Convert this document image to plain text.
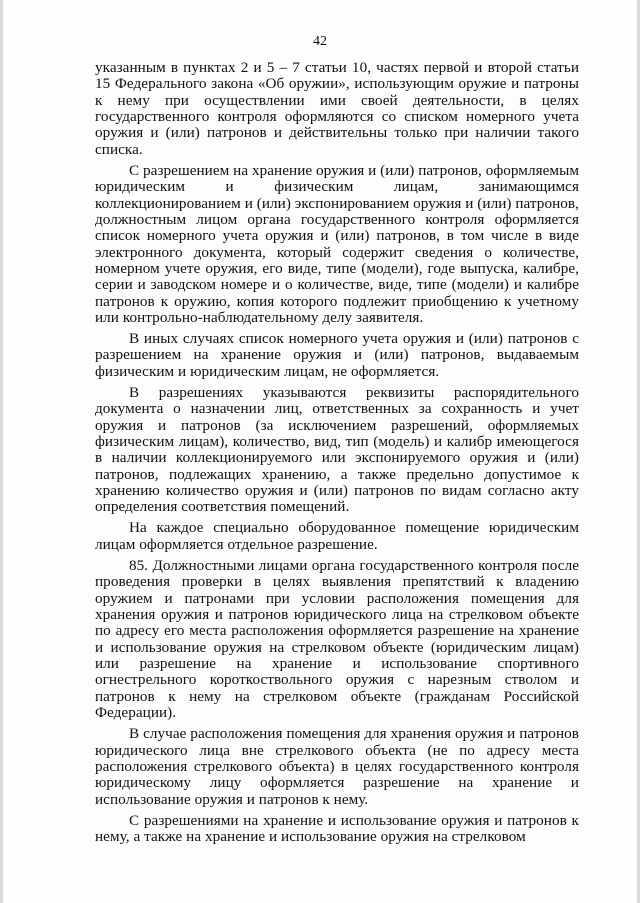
42

указанным в пунктах 2 и 5 – 7 статьи 10, частях первой и второй статьи 15 Федерального закона «Об оружии», использующим оружие и патроны к нему при осуществлении ими своей деятельности, в целях государственного контроля оформляются со списком номерного учета оружия и (или) патронов и действительны только при наличии такого списка.

С разрешением на хранение оружия и (или) патронов, оформляемым юридическим и физическим лицам, занимающимся коллекционированием и (или) экспонированием оружия и (или) патронов, должностным лицом органа государственного контроля оформляется список номерного учета оружия и (или) патронов, в том числе в виде электронного документа, который содержит сведения о количестве, номерном учете оружия, его виде, типе (модели), годе выпуска, калибре, серии и заводском номере и о количестве, виде, типе (модели) и калибре патронов к оружию, копия которого подлежит приобщению к учетному или контрольно-наблюдательному делу заявителя.

В иных случаях список номерного учета оружия и (или) патронов с разрешением на хранение оружия и (или) патронов, выдаваемым физическим и юридическим лицам, не оформляется.

В разрешениях указываются реквизиты распорядительного документа о назначении лиц, ответственных за сохранность и учет оружия и патронов (за исключением разрешений, оформляемых физическим лицам), количество, вид, тип (модель) и калибр имеющегося в наличии коллекционируемого или экспонируемого оружия и (или) патронов, подлежащих хранению, а также предельно допустимое к хранению количество оружия и (или) патронов по видам согласно акту определения соответствия помещений.

На каждое специально оборудованное помещение юридическим лицам оформляется отдельное разрешение.

85. Должностными лицами органа государственного контроля после проведения проверки в целях выявления препятствий к владению оружием и патронами при условии расположения помещения для хранения оружия и патронов юридического лица на стрелковом объекте по адресу его места расположения оформляется разрешение на хранение и использование оружия на стрелковом объекте (юридическим лицам) или разрешение на хранение и использование спортивного огнестрельного короткоствольного оружия с нарезным стволом и патронов к нему на стрелковом объекте (гражданам Российской Федерации).

В случае расположения помещения для хранения оружия и патронов юридического лица вне стрелкового объекта (не по адресу места расположения стрелкового объекта) в целях государственного контроля юридическому лицу оформляется разрешение на хранение и использование оружия и патронов к нему.

С разрешениями на хранение и использование оружия и патронов к нему, а также на хранение и использование оружия на стрелковом
